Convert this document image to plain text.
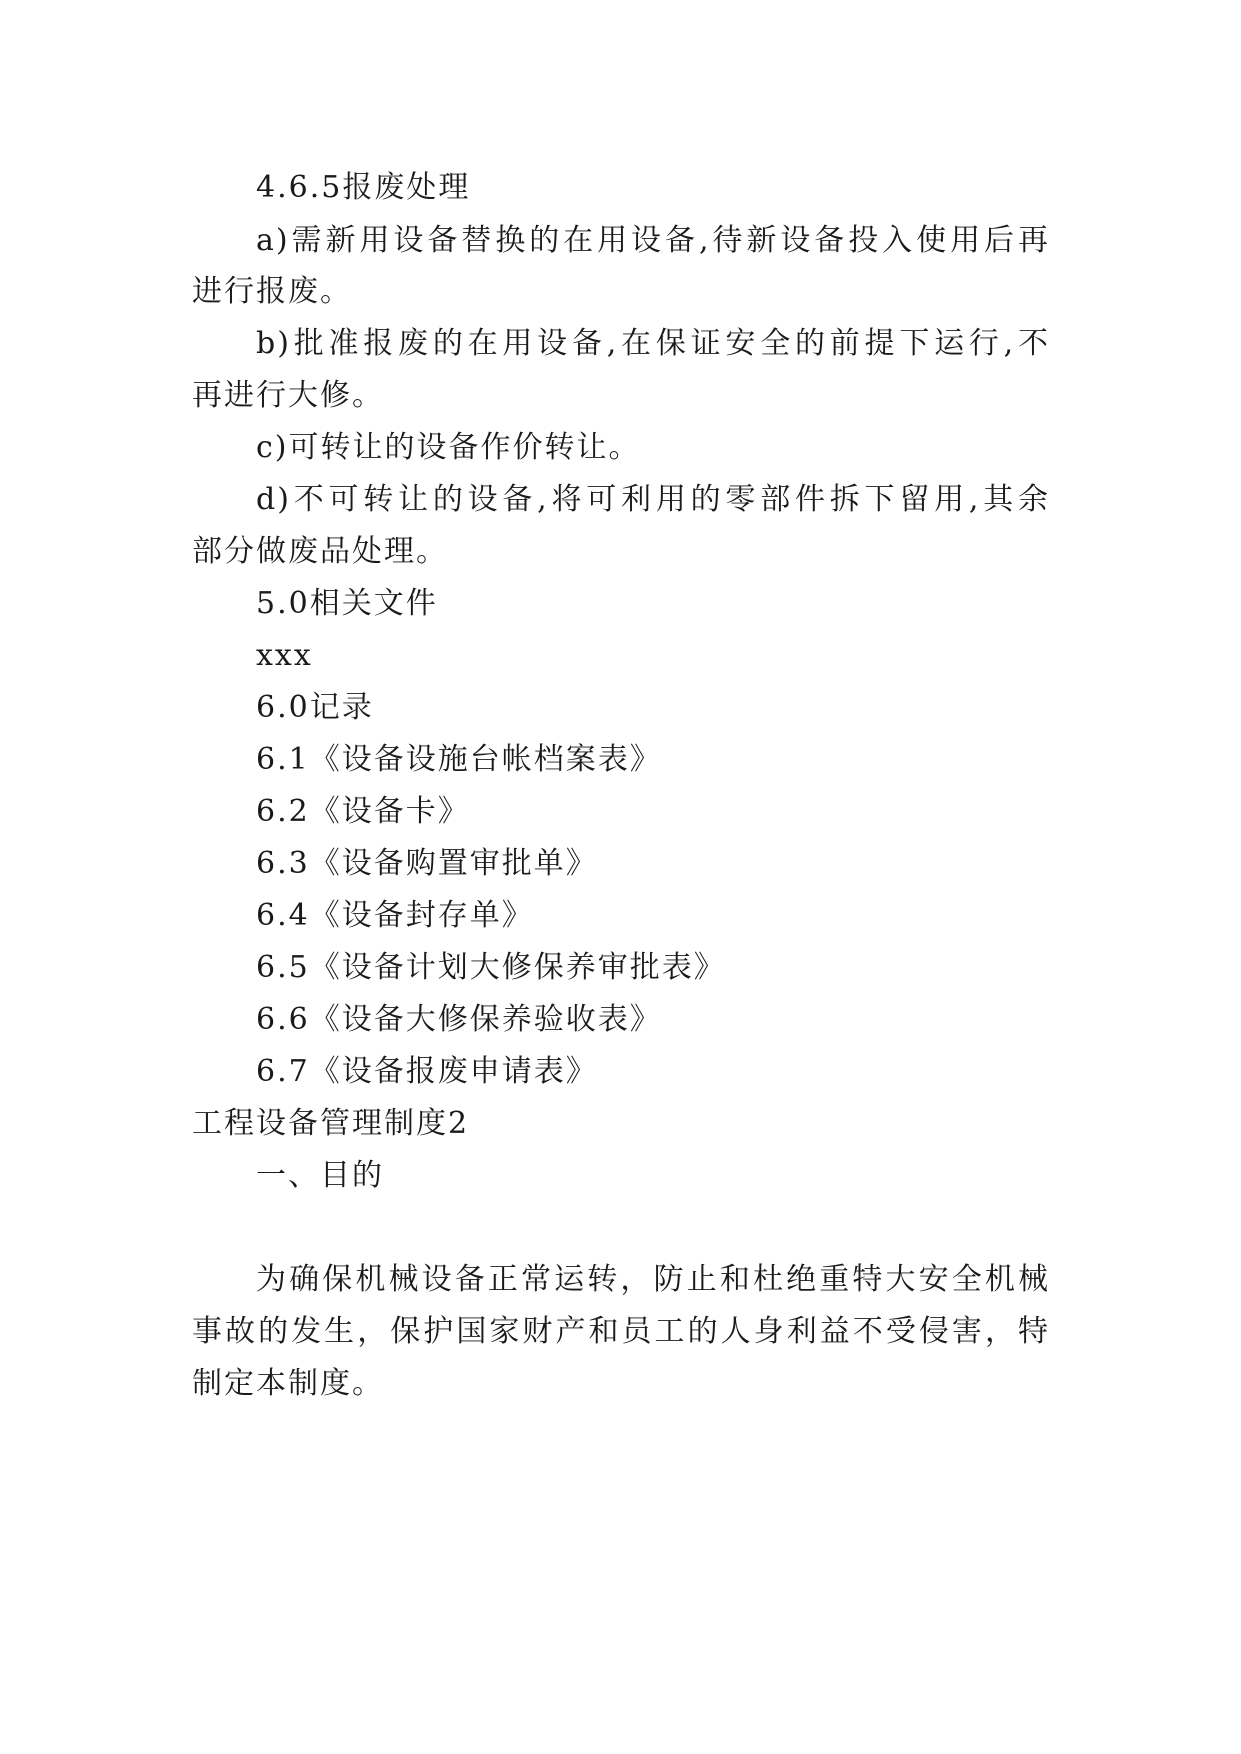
4.6.5报废处理
a)需新用设备替换的在用设备,待新设备投入使用后再
进行报废。
b)批准报废的在用设备,在保证安全的前提下运行,不
再进行大修。
c)可转让的设备作价转让。
d)不可转让的设备,将可利用的零部件拆下留用,其余
部分做废品处理。
5.0相关文件
xxx
6.0记录
6.1《设备设施台帐档案表》
6.2《设备卡》
6.3《设备购置审批单》
6.4《设备封存单》
6.5《设备计划大修保养审批表》
6.6《设备大修保养验收表》
6.7《设备报废申请表》
工程设备管理制度2
一、目的
为确保机械设备正常运转，防止和杜绝重特大安全机械
事故的发生，保护国家财产和员工的人身利益不受侵害，特
制定本制度。
